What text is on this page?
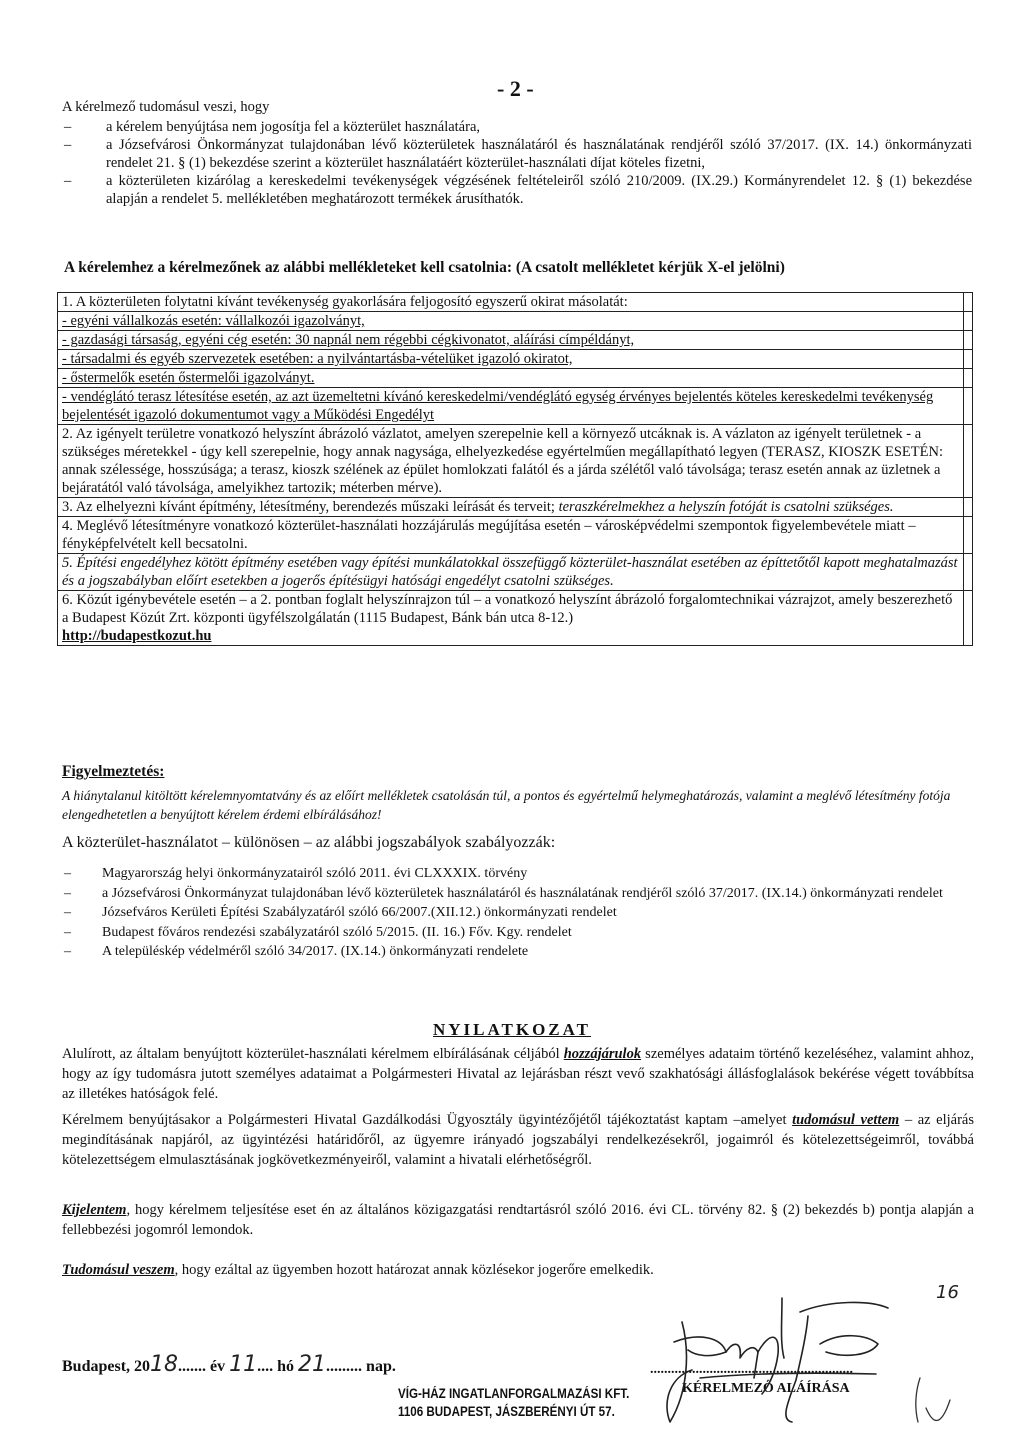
- 2 -
A kérelmező tudomásul veszi, hogy
– a kérelem benyújtása nem jogosítja fel a közterület használatára,
– a Józsefvárosi Önkormányzat tulajdonában lévő közterületek használatáról és használatának rendjéről szóló 37/2017. (IX. 14.) önkormányzati rendelet 21. § (1) bekezdése szerint a közterület használatáért közterület-használati díjat köteles fizetni,
– a közterületen kizárólag a kereskedelmi tevékenységek végzésének feltételeiről szóló 210/2009. (IX.29.) Kormányrendelet 12. § (1) bekezdése alapján a rendelet 5. mellékletében meghatározott termékek árusíthatók.
A kérelemhez a kérelmezőnek az alábbi mellékleteket kell csatolnia: (A csatolt mellékletet kérjük X-el jelölni)
1. A közterületen folytatni kívánt tevékenység gyakorlására feljogosító egyszerű okirat másolatát:	
- egyéni vállalkozás esetén: vállalkozói igazolványt,	
- gazdasági társaság, egyéni cég esetén: 30 napnál nem régebbi cégkivonatot, aláírási címpéldányt,	
- társadalmi és egyéb szervezetek esetében: a nyilvántartásba-vételüket igazoló okiratot,	
- őstermelők esetén őstermelői igazolványt.	
- vendéglátó terasz létesítése esetén, az azt üzemeltetni kívánó kereskedelmi/vendéglátó egység érvényes bejelentés köteles kereskedelmi tevékenység bejelentését igazoló dokumentumot vagy a Működési Engedélyt	
2. Az igényelt területre vonatkozó helyszínt ábrázoló vázlatot, amelyen szerepelnie kell a környező utcáknak is. A vázlaton az igényelt területnek - a szükséges méretekkel - úgy kell szerepelnie, hogy annak nagysága, elhelyezkedése egyértelműen megállapítható legyen (TERASZ, KIOSZK ESETÉN: annak szélessége, hosszúsága; a terasz, kioszk szélének az épület homlokzati falától és a járda szélétől való távolsága; terasz esetén annak az üzletnek a bejáratától való távolsága, amelyikhez tartozik; méterben mérve).	
3. Az elhelyezni kívánt építmény, létesítmény, berendezés műszaki leírását és terveit; teraszkérelmekhez a helyszín fotóját is csatolni szükséges.	
4. Meglévő létesítményre vonatkozó közterület-használati hozzájárulás megújítása esetén – városképvédelmi szempontok figyelembevétele miatt – fényképfelvételt kell becsatolni.	
5. Építési engedélyhez kötött építmény esetében vagy építési munkálatokkal összefüggő közterület-használat esetében az építtetőtől kapott meghatalmazást és a jogszabályban előírt esetekben a jogerős építésügyi hatósági engedélyt csatolni szükséges.	
6. Közút igénybevétele esetén – a 2. pontban foglalt helyszínrajzon túl – a vonatkozó helyszínt ábrázoló forgalomtechnikai vázrajzot, amely beszerezhető a Budapest Közút Zrt. központi ügyfélszolgálatán (1115 Budapest, Bánk bán utca 8-12.)
http://budapestkozut.hu	
Figyelmeztetés:
A hiánytalanul kitöltött kérelemnyomtatvány és az előírt mellékletek csatolásán túl, a pontos és egyértelmű helymeghatározás, valamint a meglévő létesítmény fotója elengedhetetlen a benyújtott kérelem érdemi elbírálásához!
A közterület-használatot – különösen – az alábbi jogszabályok szabályozzák:
– Magyarország helyi önkormányzatairól szóló 2011. évi CLXXXIX. törvény
– a Józsefvárosi Önkormányzat tulajdonában lévő közterületek használatáról és használatának rendjéről szóló 37/2017. (IX.14.) önkormányzati rendelet
– Józsefváros Kerületi Építési Szabályzatáról szóló 66/2007.(XII.12.) önkormányzati rendelet
– Budapest főváros rendezési szabályzatáról szóló 5/2015. (II. 16.) Főv. Kgy. rendelet
– A településkép védelméről szóló 34/2017. (IX.14.) önkormányzati rendelete
NYILATKOZAT
Alulírott, az általam benyújtott közterület-használati kérelmem elbírálásának céljából hozzájárulok személyes adataim történő kezeléséhez, valamint ahhoz, hogy az így tudomásra jutott személyes adataimat a Polgármesteri Hivatal az lejárásban részt vevő szakhatósági állásfoglalások bekérése végett továbbítsa az illetékes hatóságok felé.
Kérelmem benyújtásakor a Polgármesteri Hivatal Gazdálkodási Ügyosztály ügyintézőjétől tájékoztatást kaptam –amelyet tudomásul vettem – az eljárás megindításának napjáról, az ügyintézési határidőről, az ügyemre irányadó jogszabályi rendelkezésekről, jogaimról és kötelezettségeimről, továbbá kötelezettségem elmulasztásának jogkövetkezményeiről, valamint a hivatali elérhetőségről.
Kijelentem, hogy kérelmem teljesítése eset én az általános közigazgatási rendtartásról szóló 2016. évi CL. törvény 82. § (2) bekezdés b) pontja alapján a fellebbezési jogomról lemondok.
Tudomásul veszem, hogy ezáltal az ügyemben hozott határozat annak közlésekor jogerőre emelkedik.
Budapest, 2018....... év 11.... hó 21......... nap.
VÍG-HÁZ INGATLANFORGALMAZÁSI KFT.
1106 BUDAPEST, JÁSZBERÉNYI ÚT 57.
..........................................................
KÉRELMEZŐ ALÁÍRÁSA
16
